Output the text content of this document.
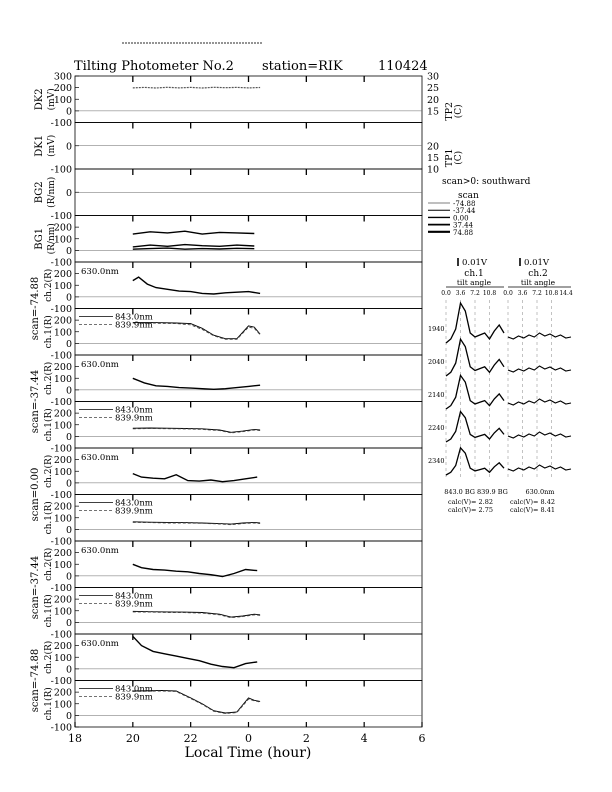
Tilting Photometer No.2 station=RIK	110424
-100
0
100
200
300
-100
0
-100
0
-100
0
100
200
-100
0
100
200 630.0nm
-100
0
100
200	843.0nm
839.9nm
-100
0
100
200 630.0nm
-100
0
100
200	843.0nm
839.9nm
-100
0
100
200 630.0nm
-100
0
100
200	843.0nm
839.9nm
-100
0
100
200 630.0nm
-100
0
100
200	843.0nm
839.9nm
-100
0
100
200 630.0nm
-100
0
100
200	843.0nm
839.9nm
18	20	22	0	2	4	6
DK2 (mV)
DK1 (mV)
BG2 (R/nm)
BG1 (R/nm)
scan=-74.88 ch.2(R)
ch.1(R)
scan=-37.44 ch.2(R)
ch.1(R)
scan=0.00 ch.2(R)
ch.1(R)
scan=-37.44 ch.2(R)
ch.1(R)
scan=-74.88 ch.2(R)
ch.1(R)
30
25
20
15 TP2 (C)
10
15
20
TP1 (C)
scan>0: southward
scan
-74.88
-37.44
0.00
37.44
74.88
0.01V	0.01V
ch.1	ch.2
tilt angle	tilt angle
0.0 3.6 7.2 10.8 0.0 3.6 7.2 10.8 14.4
1940
2040
2140
2240
2340
843.0 BG 839.9 BG	630.0nm
calc(V)= 2.82
calc(V)= 2.75
calc(V)= 8.42
calc(V)= 8.41
Local Time (hour)
